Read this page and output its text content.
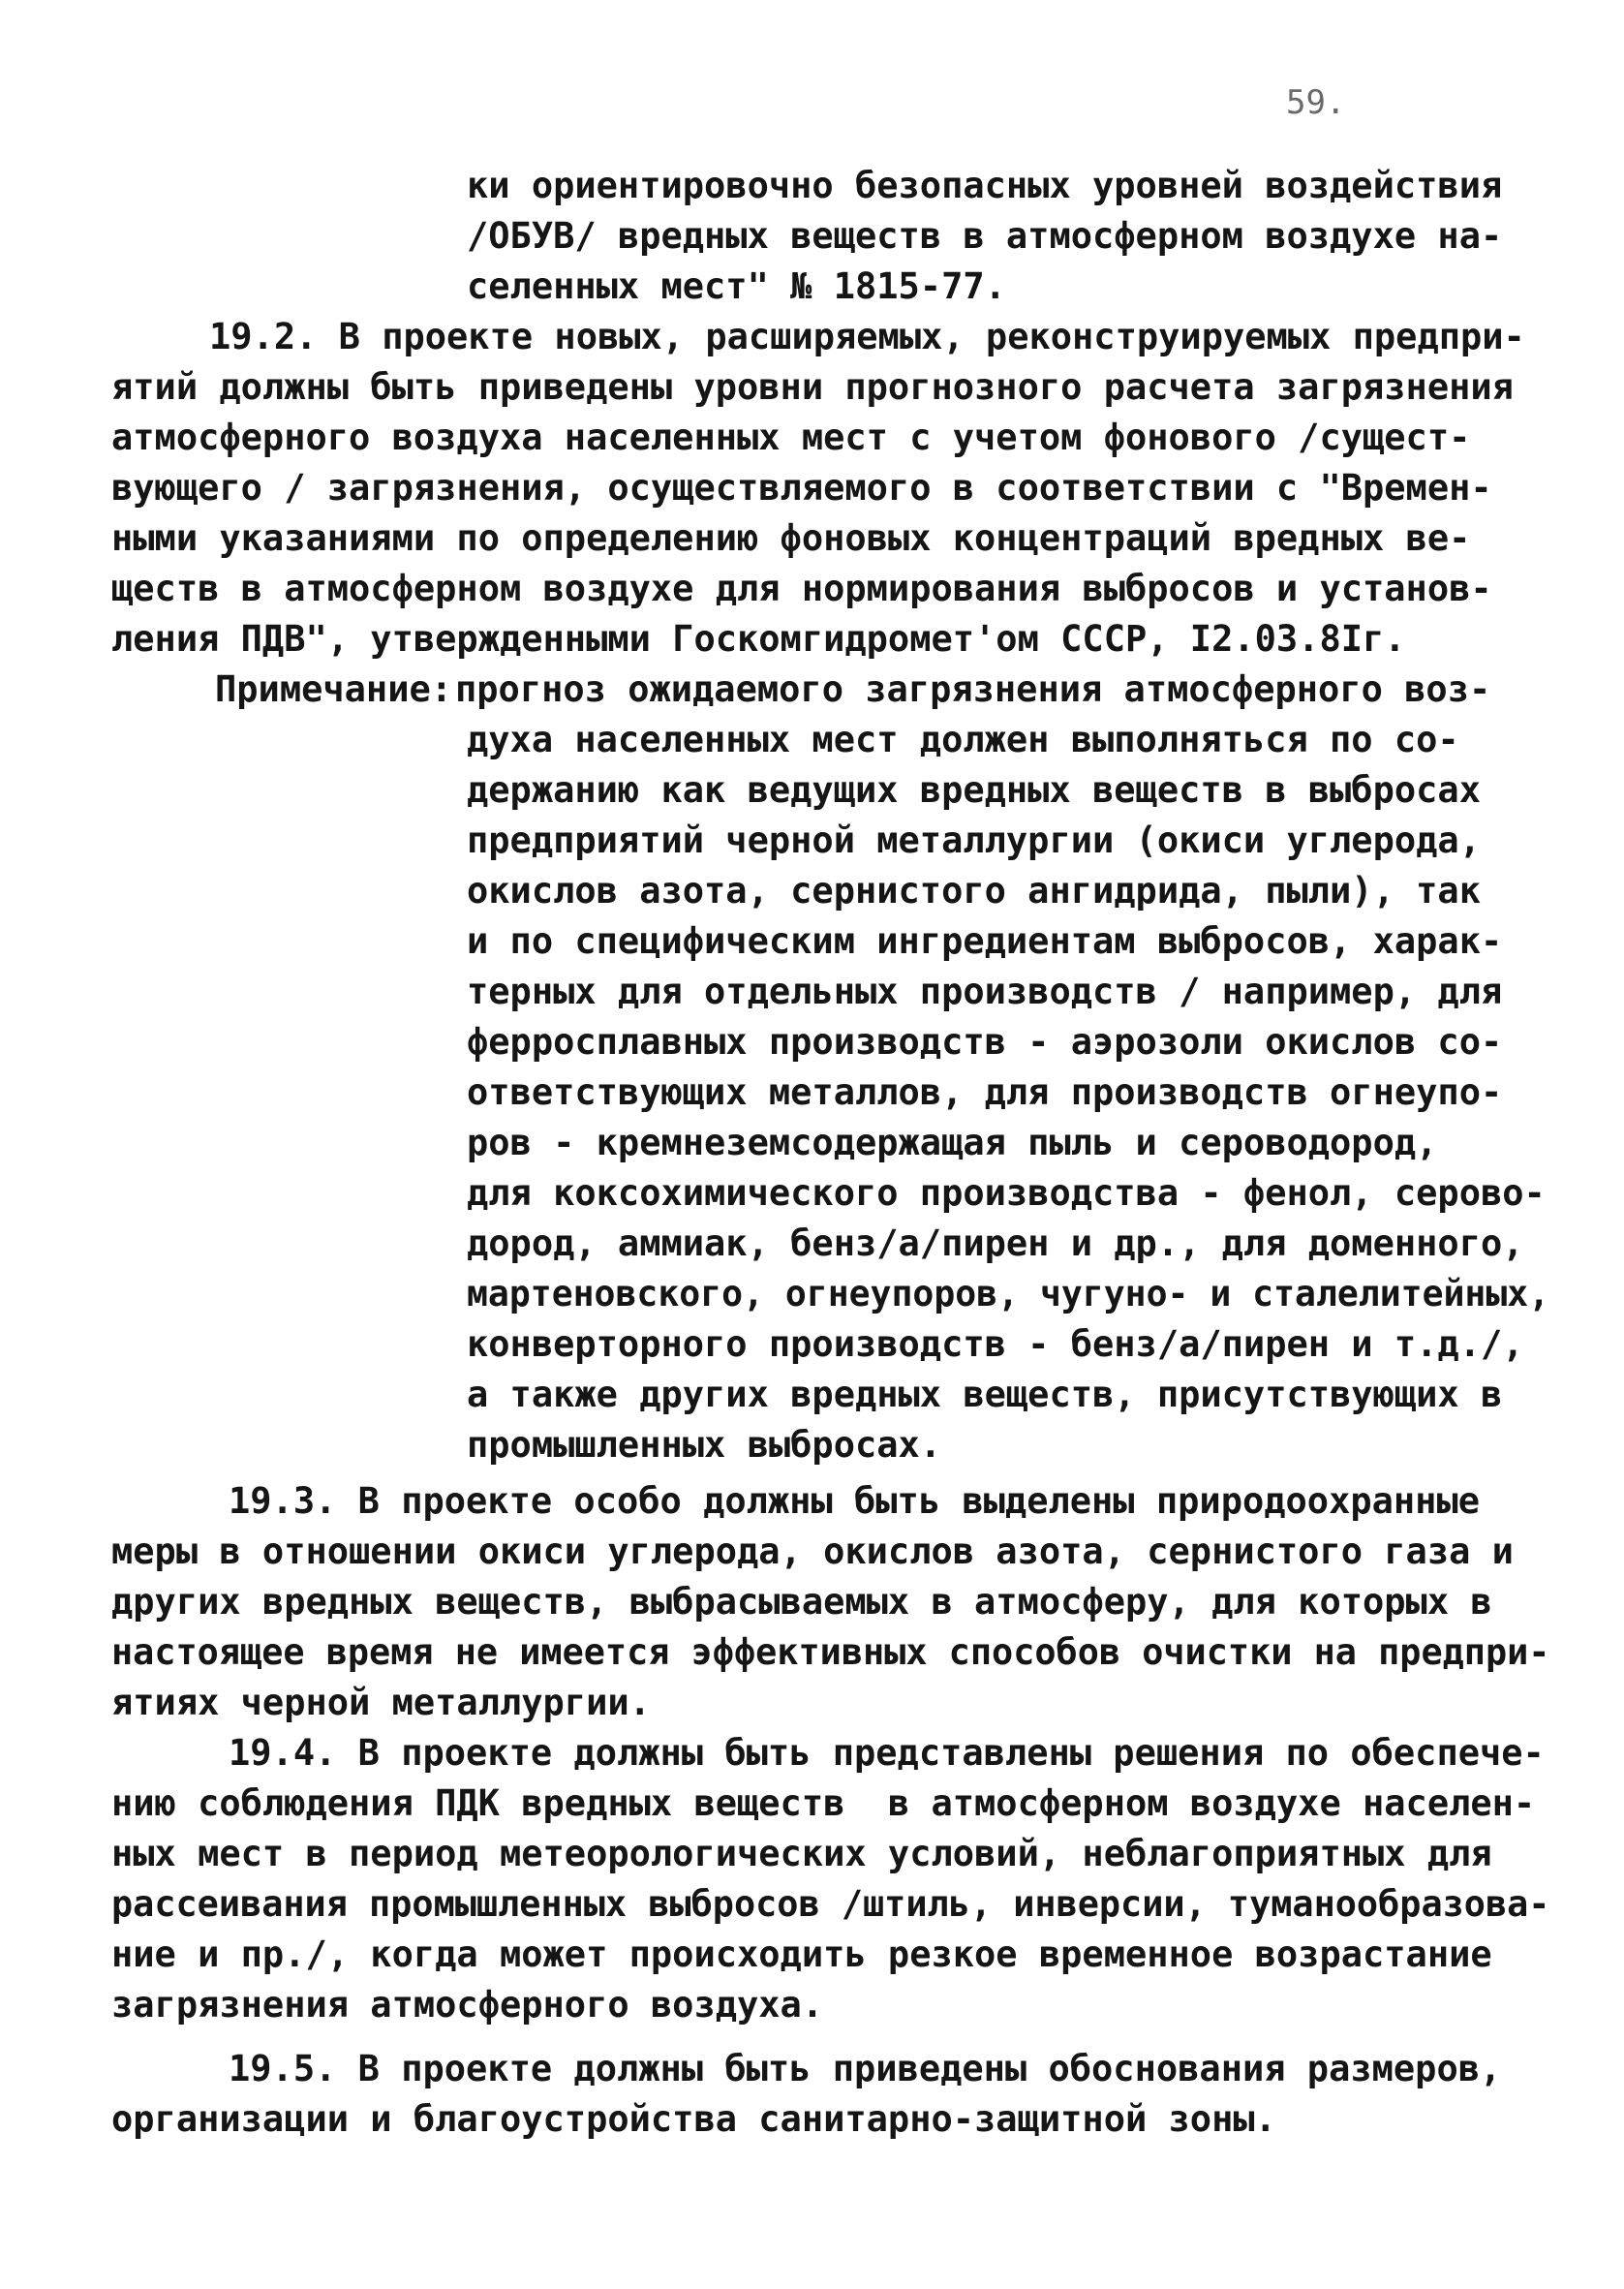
59.
ки ориентировочно безопасных уровней воздействия
/ОБУВ/ вредных веществ в атмосферном воздухе на-
селенных мест" № 1815-77.
19.2. В проекте новых, расширяемых, реконструируемых предпри-
ятий должны быть приведены уровни прогнозного расчета загрязнения
атмосферного воздуха населенных мест с учетом фонового /сущест-
вующего / загрязнения, осуществляемого в соответствии с "Времен-
ными указаниями по определению фоновых концентраций вредных ве-
ществ в атмосферном воздухе для нормирования выбросов и установ-
ления ПДВ", утвержденными Госкомгидромет'ом СССР, I2.03.8Iг.
Примечание: прогноз ожидаемого загрязнения атмосферного воз-
духа населенных мест должен выполняться по со-
держанию как ведущих вредных веществ в выбросах
предприятий черной металлургии (окиси углерода,
окислов азота, сернистого ангидрида, пыли), так
и по специфическим ингредиентам выбросов, харак-
терных для отдельных производств / например, для
ферросплавных производств - аэрозоли окислов со-
ответствующих металлов, для производств огнеупо-
ров - кремнеземсодержащая пыль и сероводород,
для коксохимического производства - фенол, серово-
дород, аммиак, бенз/а/пирен и др., для доменного,
мартеновского, огнеупоров, чугуно- и сталелитейных,
конверторного производств - бенз/а/пирен и т.д./,
а также других вредных веществ, присутствующих в
промышленных выбросах.
19.3. В проекте особо должны быть выделены природоохранные
меры в отношении окиси углерода, окислов азота, сернистого газа и
других вредных веществ, выбрасываемых в атмосферу, для которых в
настоящее время не имеется эффективных способов очистки на предпри-
ятиях черной металлургии.
19.4. В проекте должны быть представлены решения по обеспече-
нию соблюдения ПДК вредных веществ  в атмосферном воздухе населен-
ных мест в период метеорологических условий, неблагоприятных для
рассеивания промышленных выбросов /штиль, инверсии, туманообразова-
ние и пр./, когда может происходить резкое временное возрастание
загрязнения атмосферного воздуха.
19.5. В проекте должны быть приведены обоснования размеров,
организации и благоустройства санитарно-защитной зоны.
